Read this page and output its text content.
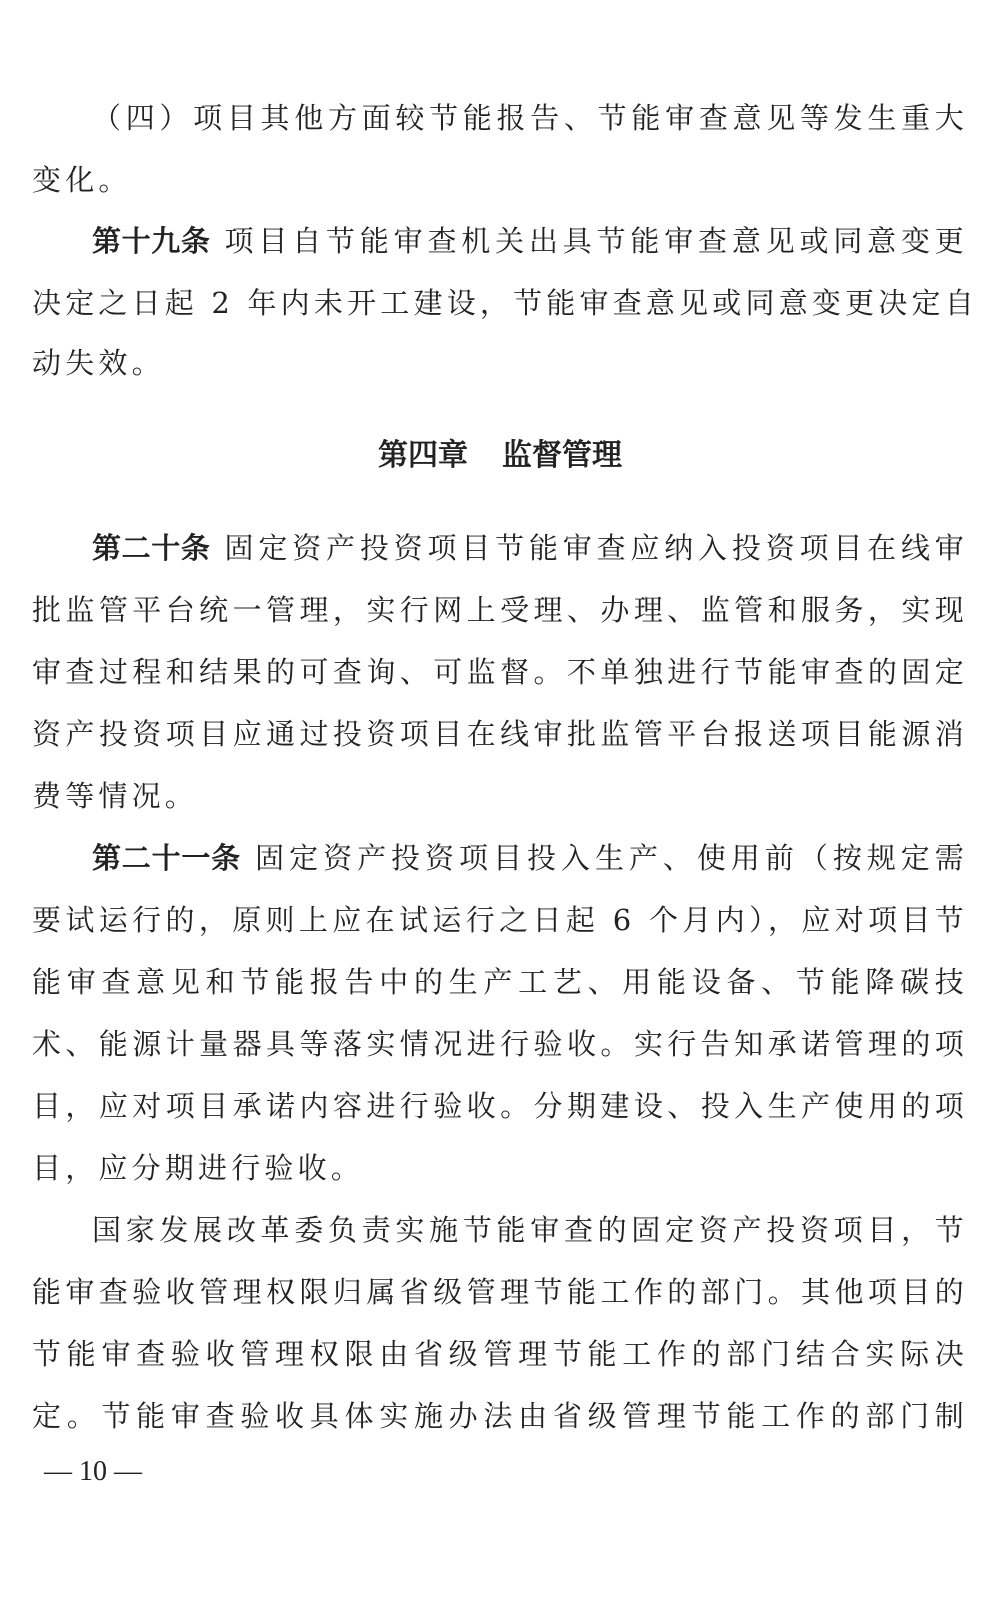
（四）项目其他方面较节能报告、节能审查意见等发生重大
变化。
第十九条 项目自节能审查机关出具节能审查意见或同意变更
决定之日起 2 年内未开工建设，节能审查意见或同意变更决定自
动失效。
第四章 监督管理
第二十条 固定资产投资项目节能审查应纳入投资项目在线审
批监管平台统一管理，实行网上受理、办理、监管和服务，实现
审查过程和结果的可查询、可监督。不单独进行节能审查的固定
资产投资项目应通过投资项目在线审批监管平台报送项目能源消
费等情况。
第二十一条 固定资产投资项目投入生产、使用前（按规定需
要试运行的，原则上应在试运行之日起 6 个月内），应对项目节
能审查意见和节能报告中的生产工艺、用能设备、节能降碳技
术、能源计量器具等落实情况进行验收。实行告知承诺管理的项
目，应对项目承诺内容进行验收。分期建设、投入生产使用的项
目，应分期进行验收。
国家发展改革委负责实施节能审查的固定资产投资项目，节
能审查验收管理权限归属省级管理节能工作的部门。其他项目的
节能审查验收管理权限由省级管理节能工作的部门结合实际决
定。节能审查验收具体实施办法由省级管理节能工作的部门制
— 10 —
